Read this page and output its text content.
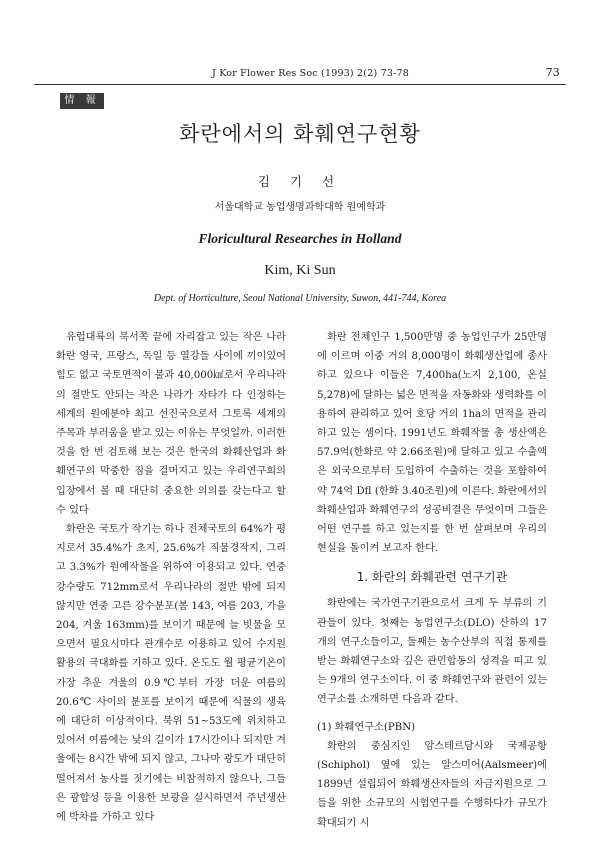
J Kor Flower Res Soc (1993) 2(2) 73-78	73
情 報
화란에서의 화훼연구현황
김 기 선
서울대학교 농업생명과학대학 원예학과
Floricultural Researches in Holland
Kim, Ki Sun
Dept. of Horticulture, Seoul National University, Suwon, 441-744, Korea

유럽대륙의 북서쪽 끝에 자리잡고 있는 작은 나라 화란 영국, 프랑스, 독일 등 열강들 사이에 끼이있어 힘도 없고 국토면적이 불과 40,000㎢로서 우리나라의 절반도 안되는 작은 나라가 자타가 다 인정하는 세계의 원예분야 최고 선진국으로서 그토록 세계의 주목과 부러움을 받고 있는 이유는 무엇일까. 이러한 것을 한 번 검토해 보는 것은 한국의 화훼산업과 화훼연구의 막중한 짐을 걸머지고 있는 우리연구회의 입장에서 볼 때 대단히 중요한 의의를 갖는다고 할 수 있다

화란은 국토가 작기는 하나 전체국토의 64%가 평지로서 35.4%가 초지, 25.6%가 직물경작지, 그리고 3.3%가 원예작물을 위하여 이용되고 있다. 연중 강수량도 712mm로서 우리나라의 절반 밖에 되지 않지만 연중 고른 강수분포(봄 143, 여름 203, 가을 204, 겨울 163mm)를 보이기 때문에 늘 빗물을 모으면서 필요시마다 관개수로 이용하고 있어 수지원활용의 극대화를 기하고 있다. 온도도 월 평균기온이 가장 추운 겨울의 0.9℃부터 가장 더운 여름의 20.6℃ 사이의 분포를 보이기 때문에 식물의 생육에 대단히 이상적이다. 북위 51~53도에 위치하고 있어서 여름에는 낮의 길이가 17시간이나 되지만 겨울에는 8시간 밖에 되지 않고, 그나마 광도가 대단히 떨어져서 농사를 짓기에는 비참적하지 않으나, 그들은 광합성 등을 이용한 보광을 실시하면서 주년생산에 박차를 가하고 있다

화란 전체인구 1,500만명 중 농업인구가 25만명에 이르며 이중 거의 8,000명이 화훼생산업에 종사하고 있으나 이들은 7,400ha(노지 2,100, 온실 5,278)에 달하는 넓은 면적을 자동화와 생력화를 이용하여 관리하고 있어 호당 거의 1ha의 면적을 관리하고 있는 셈이다. 1991년도 화훼작물 총 생산액은 57.9억(한화로 약 2.66조원)에 달하고 있고 수출액은 외국으로부터 도입하여 수출하는 것을 포함하여 약 74억 Dfl (한화 3.40조원)에 이른다. 화란에서의 화훼산업과 화훼연구의 성공비결은 무엇이며 그들은 어떤 연구를 하고 있는지를 한 번 살펴보며 우리의 현실을 돌이켜 보고자 한다.

1. 화란의 화훼관련 연구기관

화란에는 국가연구기관으로서 크게 두 부류의 기관들이 있다. 첫째는 농업연구소(DLO) 산하의 17개의 연구소들이고, 둘째는 농수산부의 직접 통제를 받는 화훼연구소와 깊은 관민합동의 성격을 띠고 있는 9개의 연구소이다. 이 중 화훼연구와 관련이 있는 연구소를 소개하면 다음과 같다.

(1) 화훼연구소(PBN)

화란의 중심지인 암스테르담시와 국제공항(Schiphol) 옆에 있는 알스미어(Aalsmeer)에 1899년 설립되어 화훼생산자들의 자금지원으로 그들을 위한 소규모의 시험연구를 수행하다가 규모가 확대되기 시
